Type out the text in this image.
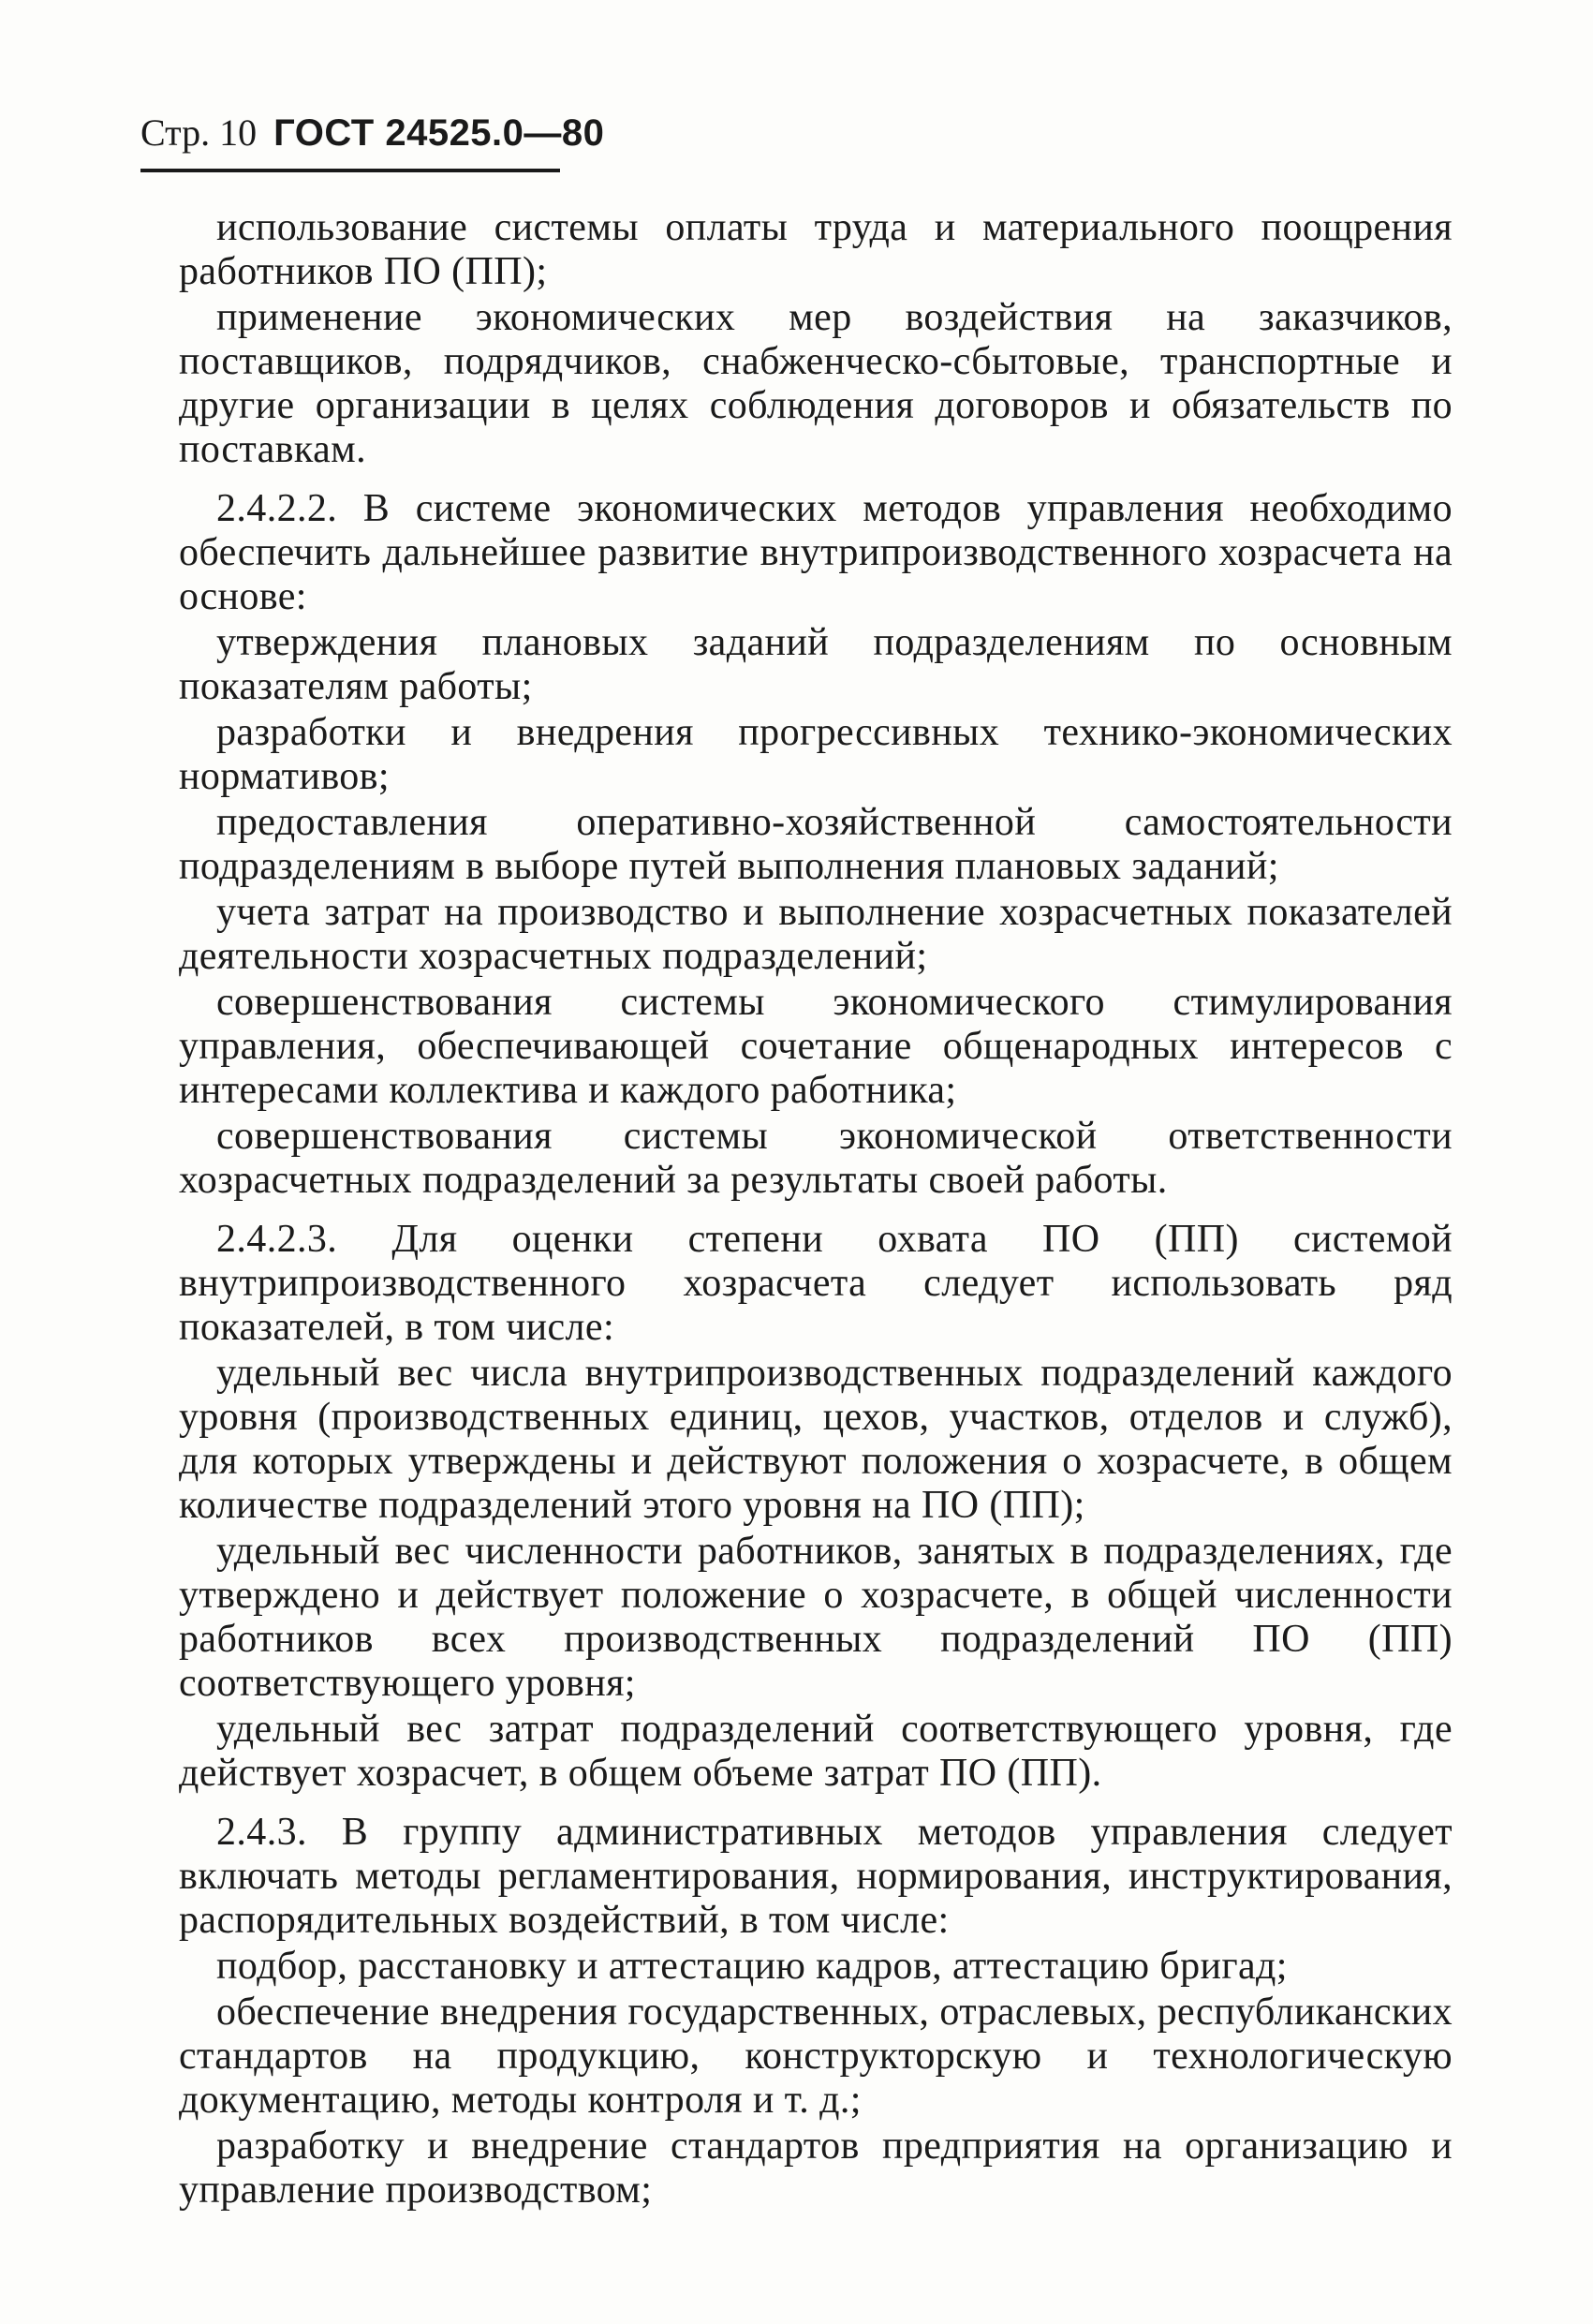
Стр. 10 ГОСТ 24525.0—80

использование системы оплаты труда и материального поощрения работников ПО (ПП);

применение экономических мер воздействия на заказчиков, поставщиков, подрядчиков, снабженческо-сбытовые, транспортные и другие организации в целях соблюдения договоров и обязательств по поставкам.

2.4.2.2. В системе экономических методов управления необходимо обеспечить дальнейшее развитие внутрипроизводственного хозрасчета на основе:

утверждения плановых заданий подразделениям по основным показателям работы;

разработки и внедрения прогрессивных технико-экономических нормативов;

предоставления оперативно-хозяйственной самостоятельности подразделениям в выборе путей выполнения плановых заданий;

учета затрат на производство и выполнение хозрасчетных показателей деятельности хозрасчетных подразделений;

совершенствования системы экономического стимулирования управления, обеспечивающей сочетание общенародных интересов с интересами коллектива и каждого работника;

совершенствования системы экономической ответственности хозрасчетных подразделений за результаты своей работы.

2.4.2.3. Для оценки степени охвата ПО (ПП) системой внутрипроизводственного хозрасчета следует использовать ряд показателей, в том числе:

удельный вес числа внутрипроизводственных подразделений каждого уровня (производственных единиц, цехов, участков, отделов и служб), для которых утверждены и действуют положения о хозрасчете, в общем количестве подразделений этого уровня на ПО (ПП);

удельный вес численности работников, занятых в подразделениях, где утверждено и действует положение о хозрасчете, в общей численности работников всех производственных подразделений ПО (ПП) соответствующего уровня;

удельный вес затрат подразделений соответствующего уровня, где действует хозрасчет, в общем объеме затрат ПО (ПП).

2.4.3. В группу административных методов управления следует включать методы регламентирования, нормирования, инструктирования, распорядительных воздействий, в том числе:

подбор, расстановку и аттестацию кадров, аттестацию бригад;

обеспечение внедрения государственных, отраслевых, республиканских стандартов на продукцию, конструкторскую и технологическую документацию, методы контроля и т. д.;

разработку и внедрение стандартов предприятия на организацию и управление производством;
